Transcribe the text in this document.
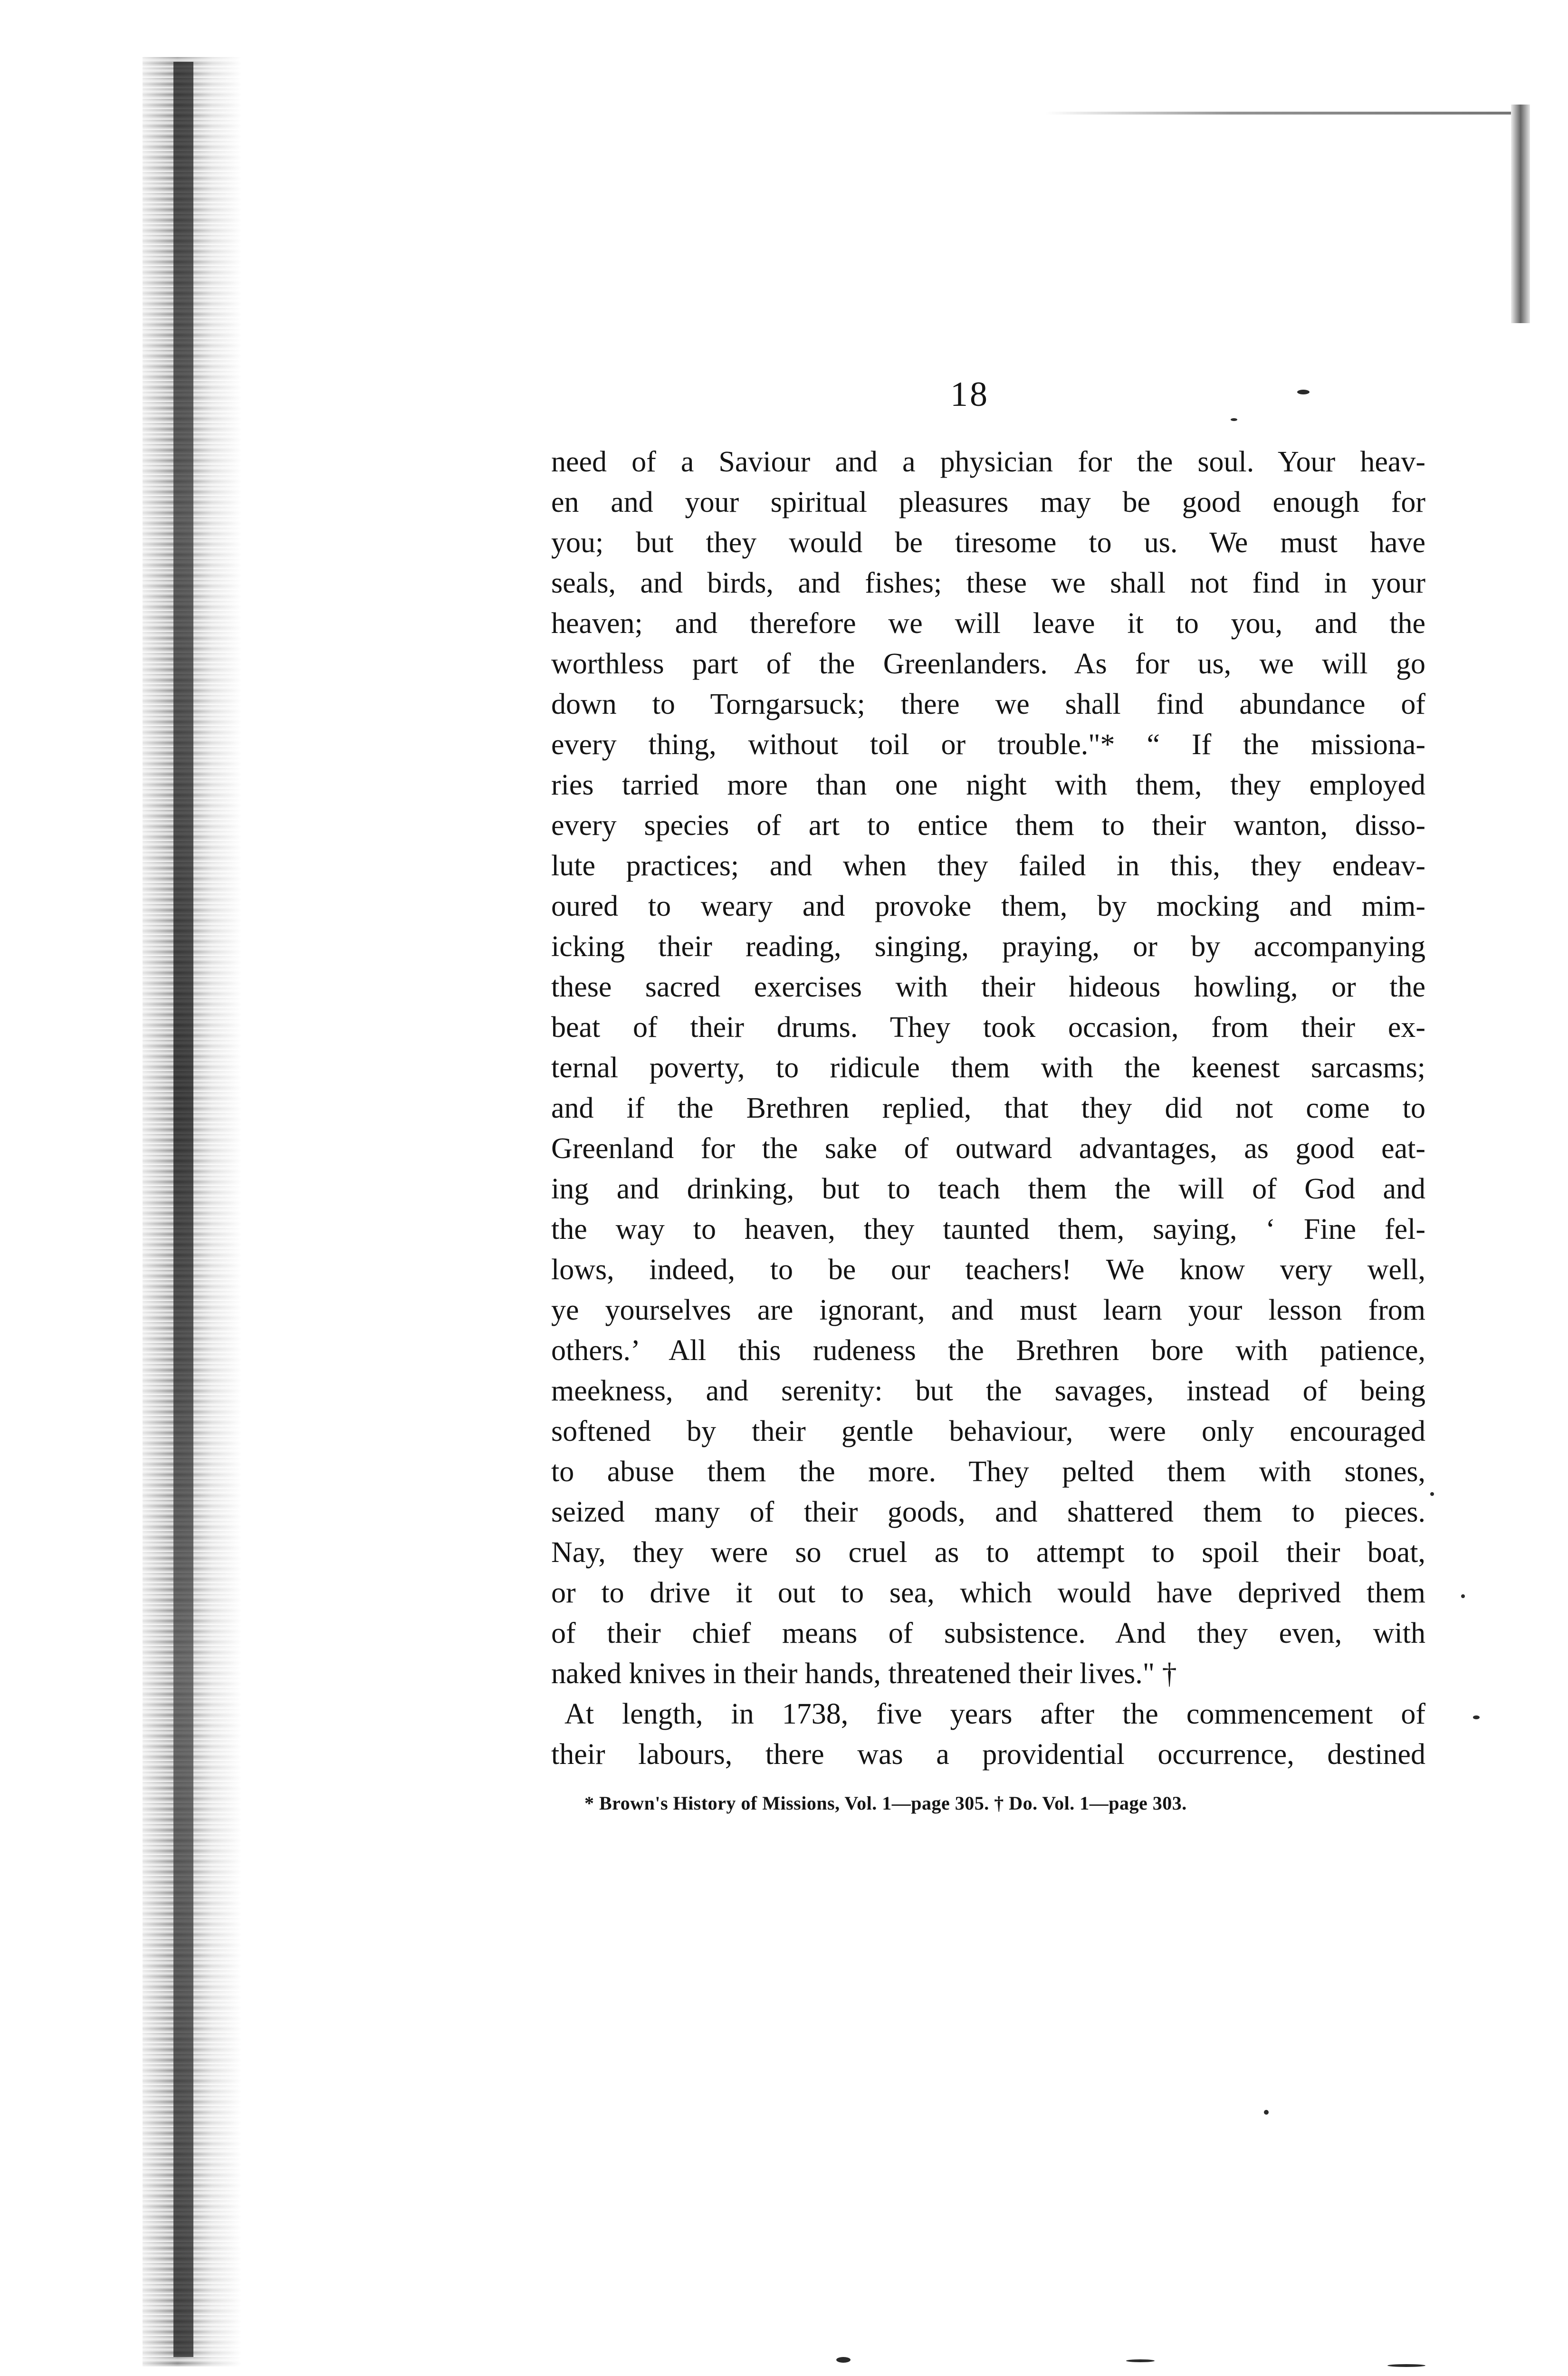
18
need of a Saviour and a physician for the soul. Your heav-
en and your spiritual pleasures may be good enough for
you; but they would be tiresome to us. We must have
seals, and birds, and fishes; these we shall not find in your
heaven; and therefore we will leave it to you, and the
worthless part of the Greenlanders. As for us, we will go
down to Torngarsuck; there we shall find abundance of
every thing, without toil or trouble."* “ If the missiona-
ries tarried more than one night with them, they employed
every species of art to entice them to their wanton, disso-
lute practices; and when they failed in this, they endeav-
oured to weary and provoke them, by mocking and mim-
icking their reading, singing, praying, or by accompanying
these sacred exercises with their hideous howling, or the
beat of their drums. They took occasion, from their ex-
ternal poverty, to ridicule them with the keenest sarcasms;
and if the Brethren replied, that they did not come to
Greenland for the sake of outward advantages, as good eat-
ing and drinking, but to teach them the will of God and
the way to heaven, they taunted them, saying, ‘ Fine fel-
lows, indeed, to be our teachers! We know very well,
ye yourselves are ignorant, and must learn your lesson from
others.’ All this rudeness the Brethren bore with patience,
meekness, and serenity: but the savages, instead of being
softened by their gentle behaviour, were only encouraged
to abuse them the more. They pelted them with stones,
seized many of their goods, and shattered them to pieces.
Nay, they were so cruel as to attempt to spoil their boat,
or to drive it out to sea, which would have deprived them
of their chief means of subsistence. And they even, with
naked knives in their hands, threatened their lives." †
At length, in 1738, five years after the commencement of
their labours, there was a providential occurrence, destined
* Brown's History of Missions, Vol. 1—page 305. † Do. Vol. 1—page 303.
